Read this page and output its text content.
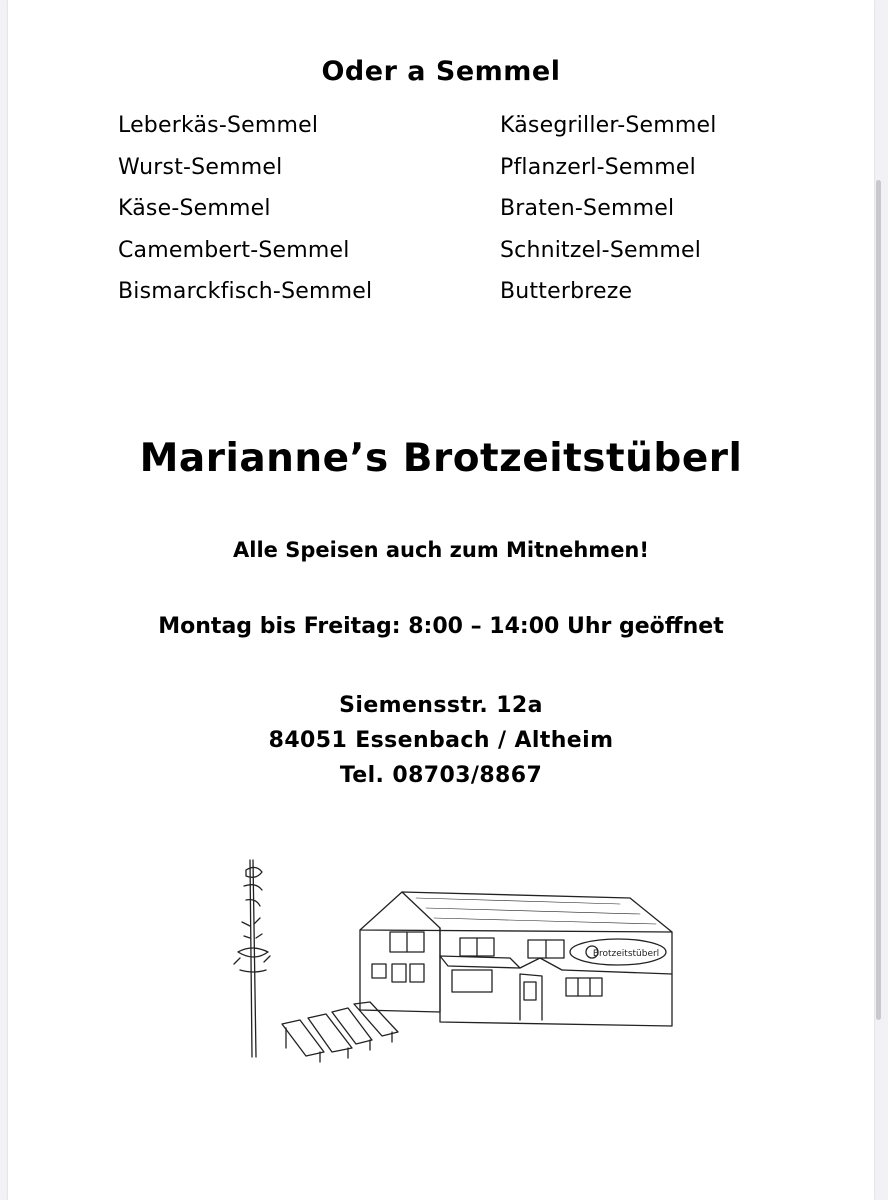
Oder a Semmel
Leberkäs-Semmel
Wurst-Semmel
Käse-Semmel
Camembert-Semmel
Bismarckfisch-Semmel
Käsegriller-Semmel
Pflanzerl-Semmel
Braten-Semmel
Schnitzel-Semmel
Butterbreze
Marianne’s Brotzeitstüberl
Alle Speisen auch zum Mitnehmen!
Montag bis Freitag: 8:00 – 14:00 Uhr geöffnet
Siemensstr. 12a
84051 Essenbach / Altheim
Tel. 08703/8867
Brotzeitstüberl
